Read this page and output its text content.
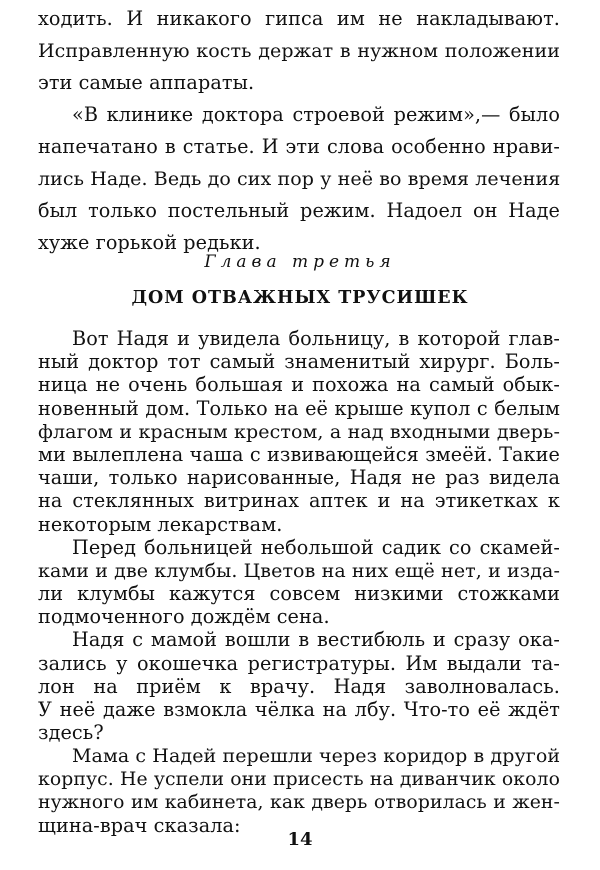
ходить. И никакого гипса им не накладывают.
Исправленную кость держат в нужном положении
эти самые аппараты.
«В клинике доктора строевой режим»,— было
напечатано в статье. И эти слова особенно нрави-
лись Наде. Ведь до сих пор у неё во время лечения
был только постельный режим. Надоел он Наде
хуже горькой редьки.
Глава третья
ДОМ ОТВАЖНЫХ ТРУСИШЕК
Вот Надя и увидела больницу, в которой глав-
ный доктор тот самый знаменитый хирург. Боль-
ница не очень большая и похожа на самый обык-
новенный дом. Только на её крыше купол с белым
флагом и красным крестом, а над входными дверь-
ми вылеплена чаша с извивающейся змеёй. Такие
чаши, только нарисованные, Надя не раз видела
на стеклянных витринах аптек и на этикетках к
некоторым лекарствам.
Перед больницей небольшой садик со скамей-
ками и две клумбы. Цветов на них ещё нет, и изда-
ли клумбы кажутся совсем низкими стожками
подмоченного дождём сена.
Надя с мамой вошли в вестибюль и сразу ока-
зались у окошечка регистратуры. Им выдали та-
лон на приём к врачу. Надя заволновалась.
У неё даже взмокла чёлка на лбу. Что-то её ждёт
здесь?
Мама с Надей перешли через коридор в другой
корпус. Не успели они присесть на диванчик около
нужного им кабинета, как дверь отворилась и жен-
щина-врач сказала:
14
